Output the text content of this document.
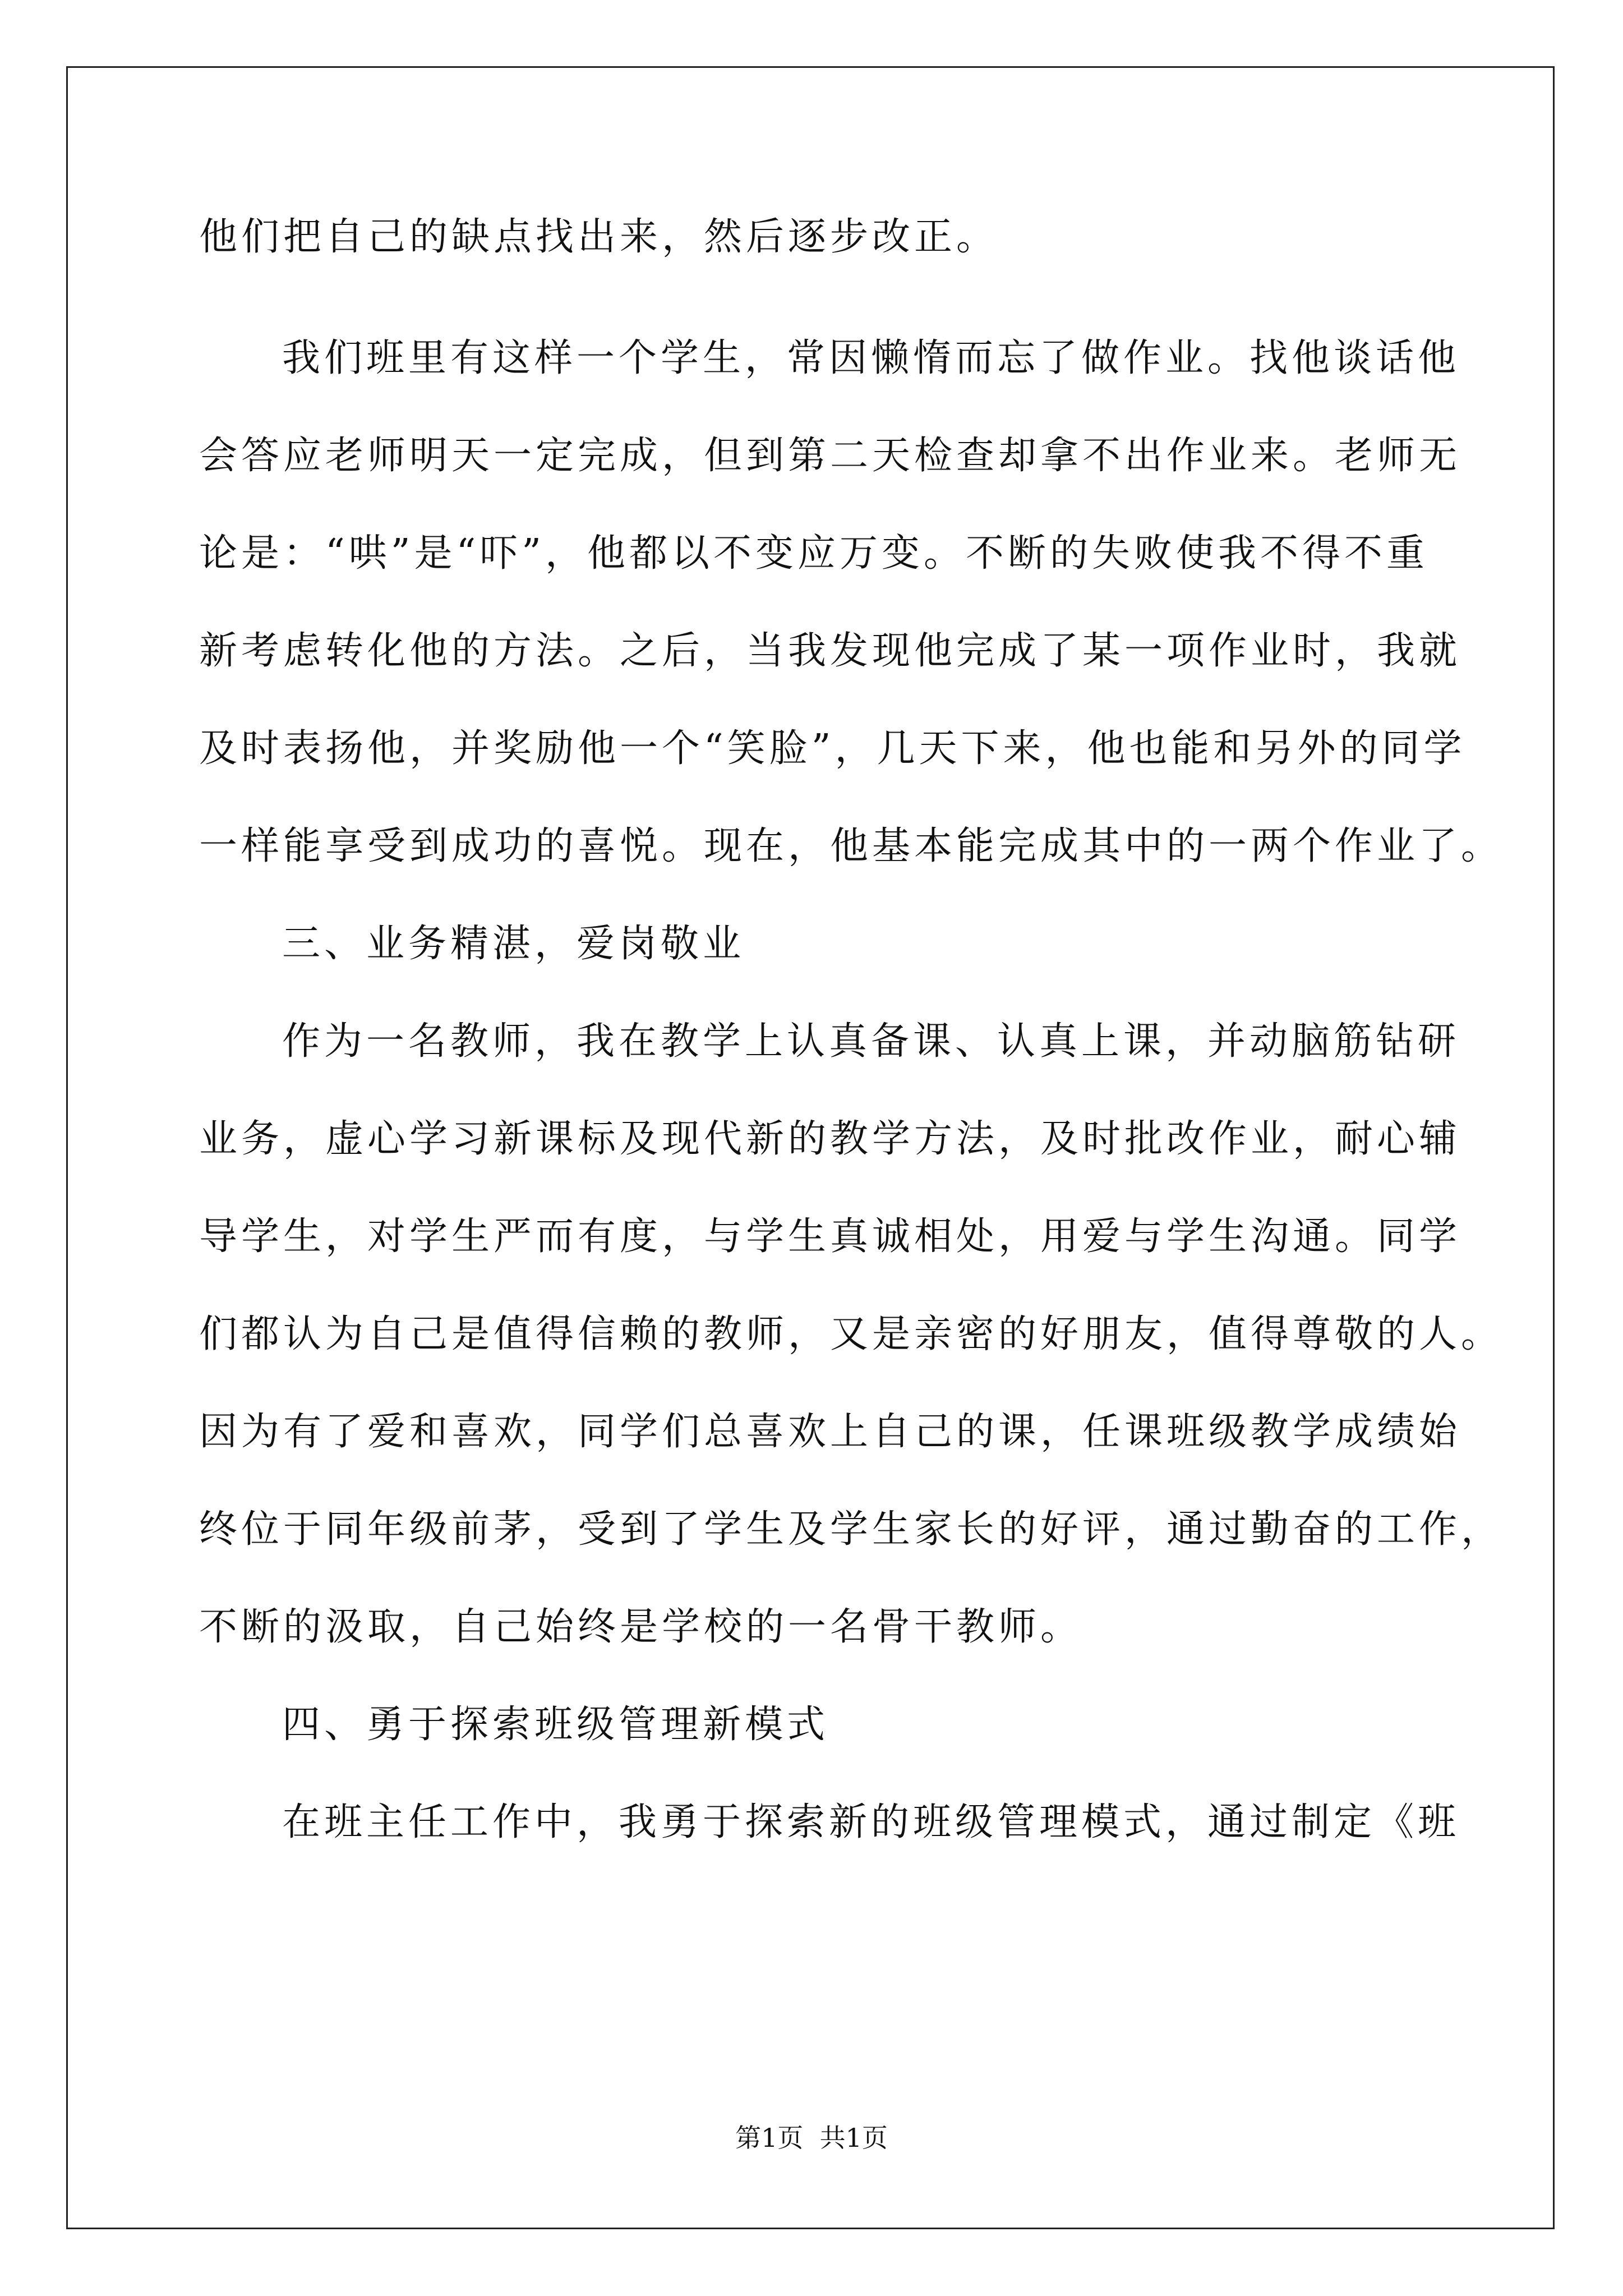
他们把自己的缺点找出来，然后逐步改正。
我们班里有这样一个学生，常因懒惰而忘了做作业。找他谈话他
会答应老师明天一定完成，但到第二天检查却拿不出作业来。老师无
论是：“哄”是“吓”，他都以不变应万变。不断的失败使我不得不重
新考虑转化他的方法。之后，当我发现他完成了某一项作业时，我就
及时表扬他，并奖励他一个“笑脸”，几天下来，他也能和另外的同学
一样能享受到成功的喜悦。现在，他基本能完成其中的一两个作业了。
三、业务精湛，爱岗敬业
作为一名教师，我在教学上认真备课、认真上课，并动脑筋钻研
业务，虚心学习新课标及现代新的教学方法，及时批改作业，耐心辅
导学生，对学生严而有度，与学生真诚相处，用爱与学生沟通。同学
们都认为自己是值得信赖的教师，又是亲密的好朋友，值得尊敬的人。
因为有了爱和喜欢，同学们总喜欢上自己的课，任课班级教学成绩始
终位于同年级前茅，受到了学生及学生家长的好评，通过勤奋的工作，
不断的汲取，自己始终是学校的一名骨干教师。
四、勇于探索班级管理新模式
在班主任工作中，我勇于探索新的班级管理模式，通过制定《班
第1页  共1页
